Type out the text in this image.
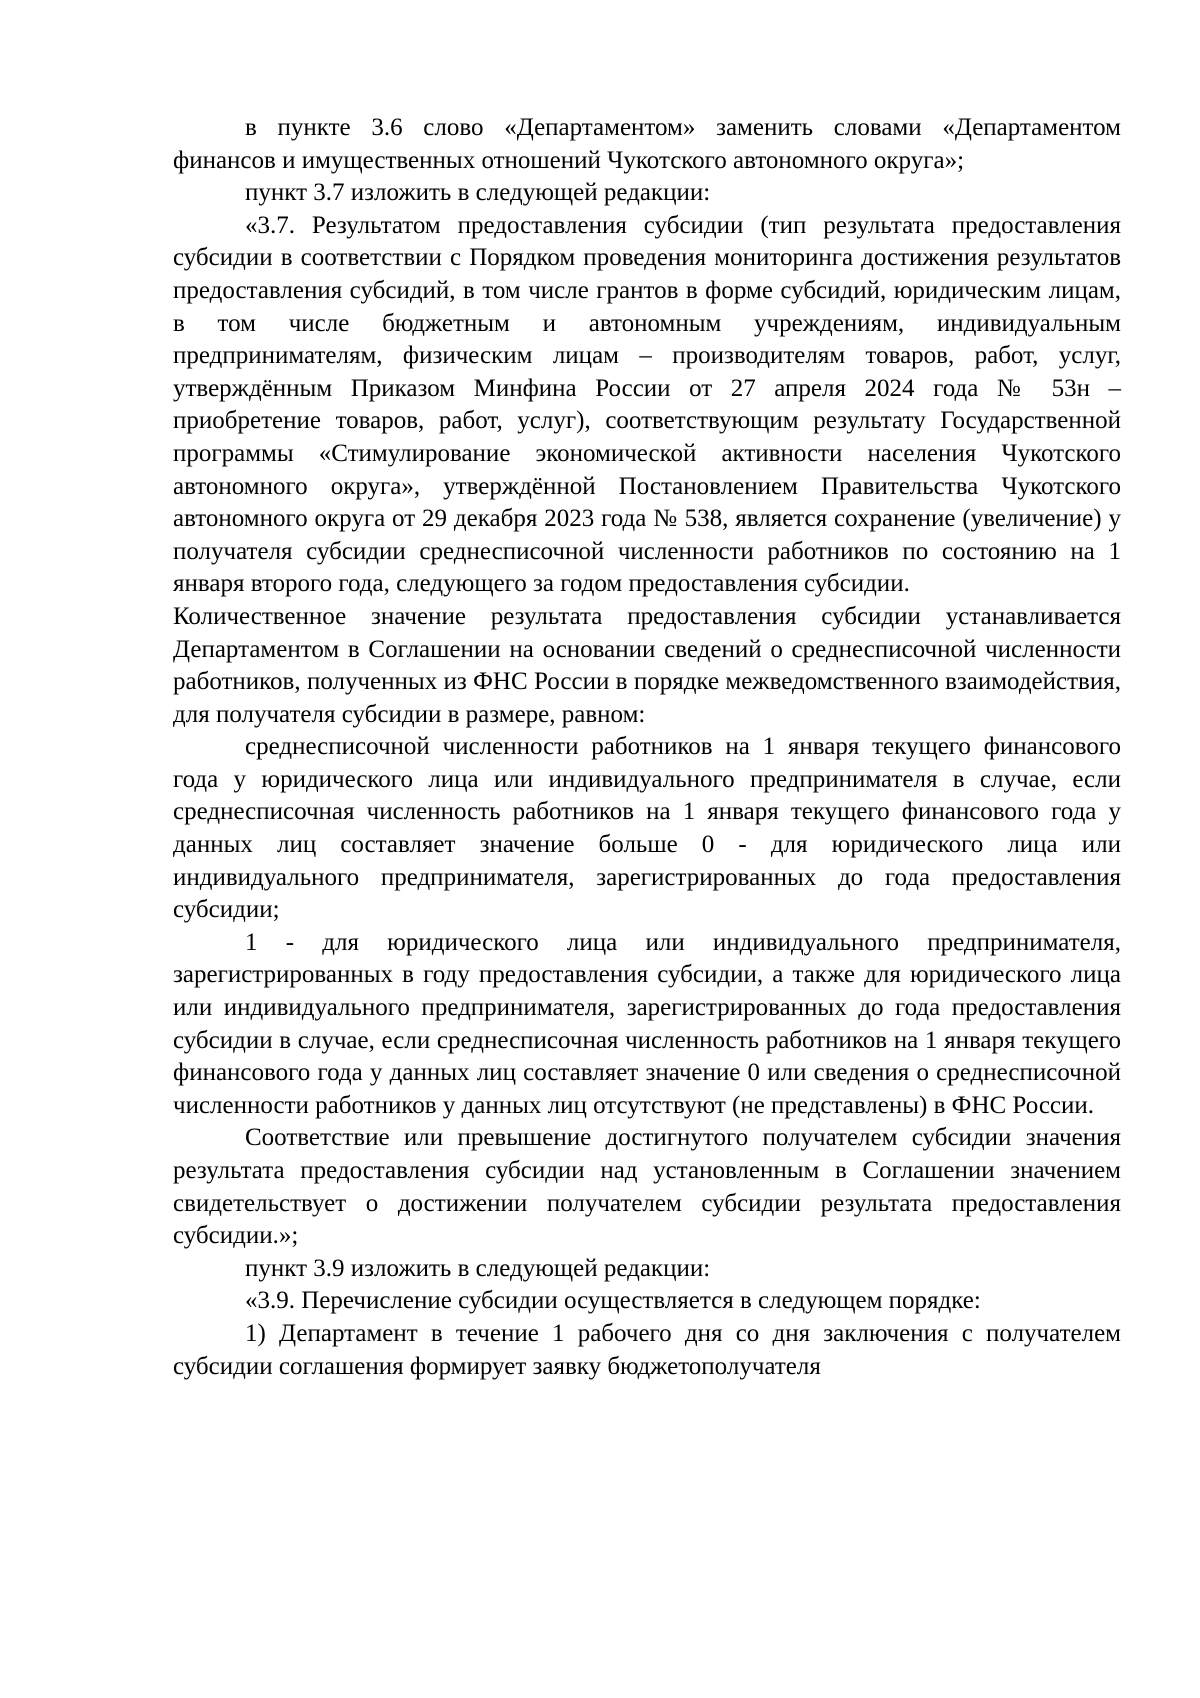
в пункте 3.6 слово «Департаментом» заменить словами «Департаментом финансов и имущественных отношений Чукотского автономного округа»;

пункт 3.7 изложить в следующей редакции:

«3.7. Результатом предоставления субсидии (тип результата предоставления субсидии в соответствии с Порядком проведения мониторинга достижения результатов предоставления субсидий, в том числе грантов в форме субсидий, юридическим лицам, в том числе бюджетным и автономным учреждениям, индивидуальным предпринимателям, физическим лицам – производителям товаров, работ, услуг, утверждённым Приказом Минфина России от 27 апреля 2024 года № 53н – приобретение товаров, работ, услуг), соответствующим результату Государственной программы «Стимулирование экономической активности населения Чукотского автономного округа», утверждённой Постановлением Правительства Чукотского автономного округа от 29 декабря 2023 года № 538, является сохранение (увеличение) у получателя субсидии среднесписочной численности работников по состоянию на 1 января второго года, следующего за годом предоставления субсидии.

Количественное значение результата предоставления субсидии устанавливается Департаментом в Соглашении на основании сведений о среднесписочной численности работников, полученных из ФНС России в порядке межведомственного взаимодействия, для получателя субсидии в размере, равном:

среднесписочной численности работников на 1 января текущего финансового года у юридического лица или индивидуального предпринимателя в случае, если среднесписочная численность работников на 1 января текущего финансового года у данных лиц составляет значение больше 0 - для юридического лица или индивидуального предпринимателя, зарегистрированных до года предоставления субсидии;

1 - для юридического лица или индивидуального предпринимателя, зарегистрированных в году предоставления субсидии, а также для юридического лица или индивидуального предпринимателя, зарегистрированных до года предоставления субсидии в случае, если среднесписочная численность работников на 1 января текущего финансового года у данных лиц составляет значение 0 или сведения о среднесписочной численности работников у данных лиц отсутствуют (не представлены) в ФНС России.

Соответствие или превышение достигнутого получателем субсидии значения результата предоставления субсидии над установленным в Соглашении значением свидетельствует о достижении получателем субсидии результата предоставления субсидии.»;

пункт 3.9 изложить в следующей редакции:

«3.9. Перечисление субсидии осуществляется в следующем порядке:

1) Департамент в течение 1 рабочего дня со дня заключения с получателем субсидии соглашения формирует заявку бюджетополучателя
